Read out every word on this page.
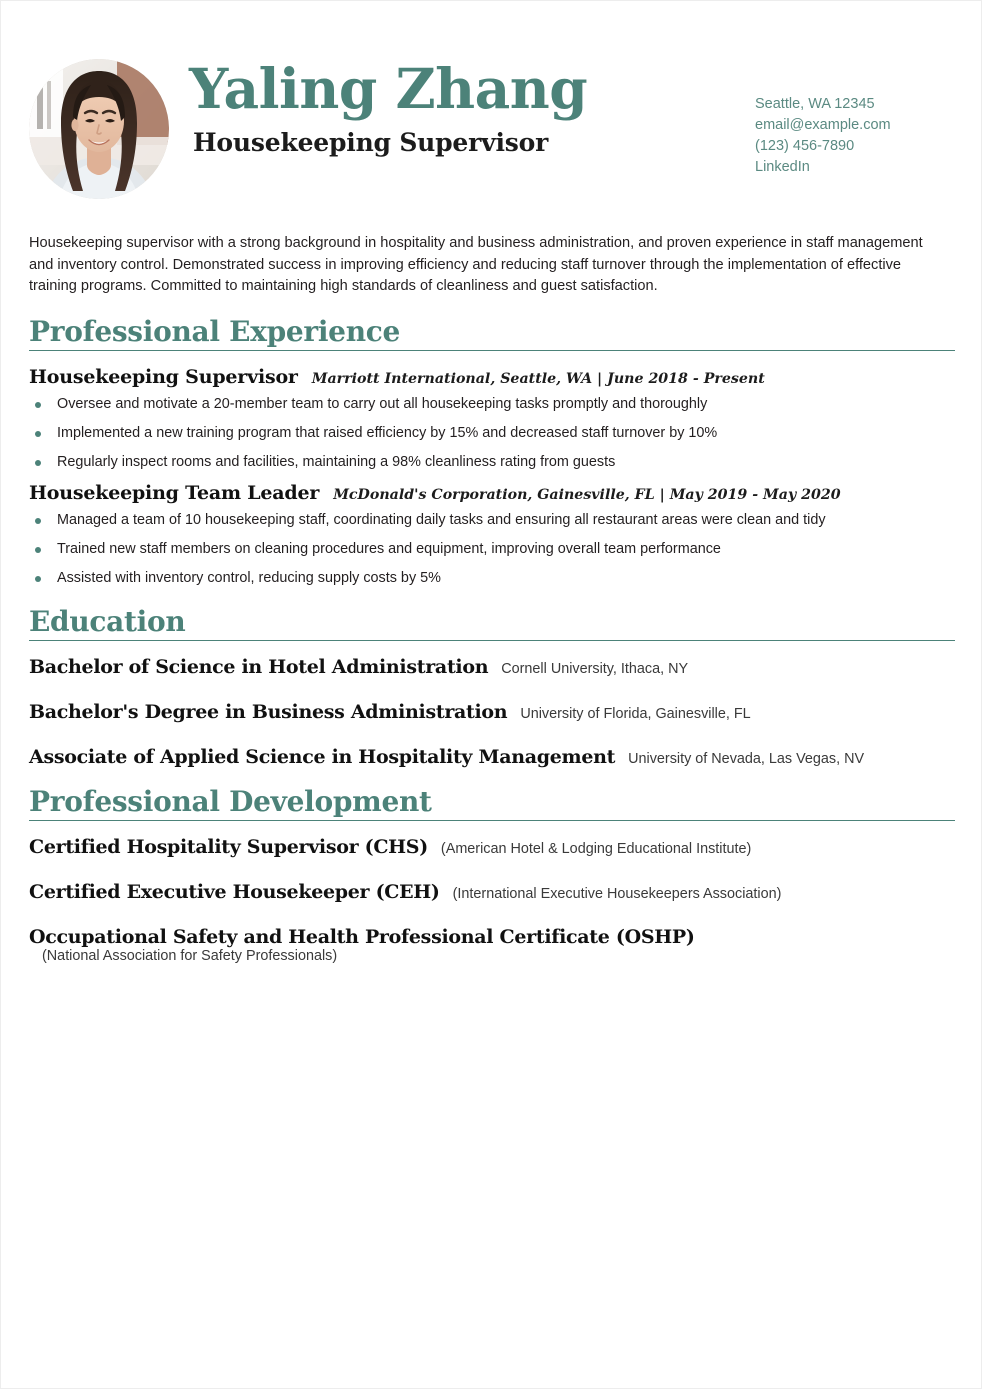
Yaling Zhang
Housekeeping Supervisor
Seattle, WA 12345
email@example.com
(123) 456-7890
LinkedIn
Housekeeping supervisor with a strong background in hospitality and business administration, and proven experience in staff management and inventory control. Demonstrated success in improving efficiency and reducing staff turnover through the implementation of effective training programs. Committed to maintaining high standards of cleanliness and guest satisfaction.
Professional Experience
Housekeeping Supervisor Marriott International, Seattle, WA | June 2018 - Present
Oversee and motivate a 20-member team to carry out all housekeeping tasks promptly and thoroughly
Implemented a new training program that raised efficiency by 15% and decreased staff turnover by 10%
Regularly inspect rooms and facilities, maintaining a 98% cleanliness rating from guests
Housekeeping Team Leader McDonald's Corporation, Gainesville, FL | May 2019 - May 2020
Managed a team of 10 housekeeping staff, coordinating daily tasks and ensuring all restaurant areas were clean and tidy
Trained new staff members on cleaning procedures and equipment, improving overall team performance
Assisted with inventory control, reducing supply costs by 5%
Education
Bachelor of Science in Hotel Administration Cornell University, Ithaca, NY
Bachelor's Degree in Business Administration University of Florida, Gainesville, FL
Associate of Applied Science in Hospitality Management University of Nevada, Las Vegas, NV
Professional Development
Certified Hospitality Supervisor (CHS) (American Hotel & Lodging Educational Institute)
Certified Executive Housekeeper (CEH) (International Executive Housekeepers Association)
Occupational Safety and Health Professional Certificate (OSHP)
(National Association for Safety Professionals)
